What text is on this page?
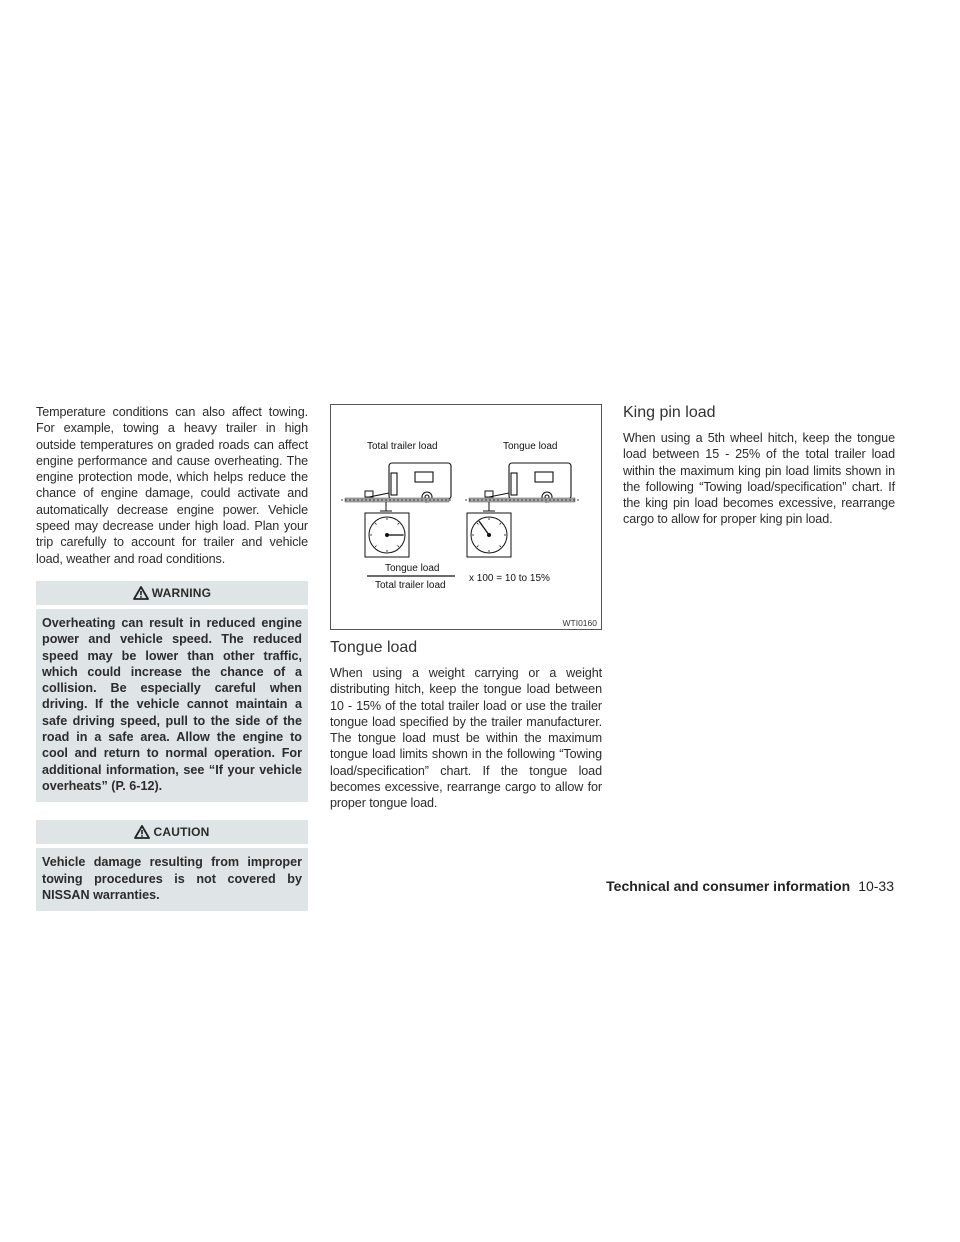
Temperature conditions can also affect towing. For example, towing a heavy trailer in high outside temperatures on graded roads can affect engine performance and cause overheating. The engine protection mode, which helps reduce the chance of engine damage, could activate and automatically decrease engine power. Vehicle speed may decrease under high load. Plan your trip carefully to account for trailer and vehicle load, weather and road conditions.

WARNING
Overheating can result in reduced engine power and vehicle speed. The reduced speed may be lower than other traffic, which could increase the chance of a collision. Be especially careful when driving. If the vehicle cannot maintain a safe driving speed, pull to the side of the road in a safe area. Allow the engine to cool and return to normal operation. For additional information, see “If your vehicle overheats” (P. 6-12).
CAUTION
Vehicle damage resulting from improper towing procedures is not covered by NISSAN warranties.
Total trailer load	Tongue load
Tongue load
Total trailer load
x 100 = 10 to 15%
WTI0160
Tongue load

When using a weight carrying or a weight distributing hitch, keep the tongue load between 10 - 15% of the total trailer load or use the trailer tongue load specified by the trailer manufacturer. The tongue load must be within the maximum tongue load limits shown in the following “Towing load/specification” chart. If the tongue load becomes excessive, rearrange cargo to allow for proper tongue load.

King pin load

When using a 5th wheel hitch, keep the tongue load between 15 - 25% of the total trailer load within the maximum king pin load limits shown in the following “Towing load/specification” chart. If the king pin load becomes excessive, rearrange cargo to allow for proper king pin load.

Technical and consumer information 10-33
